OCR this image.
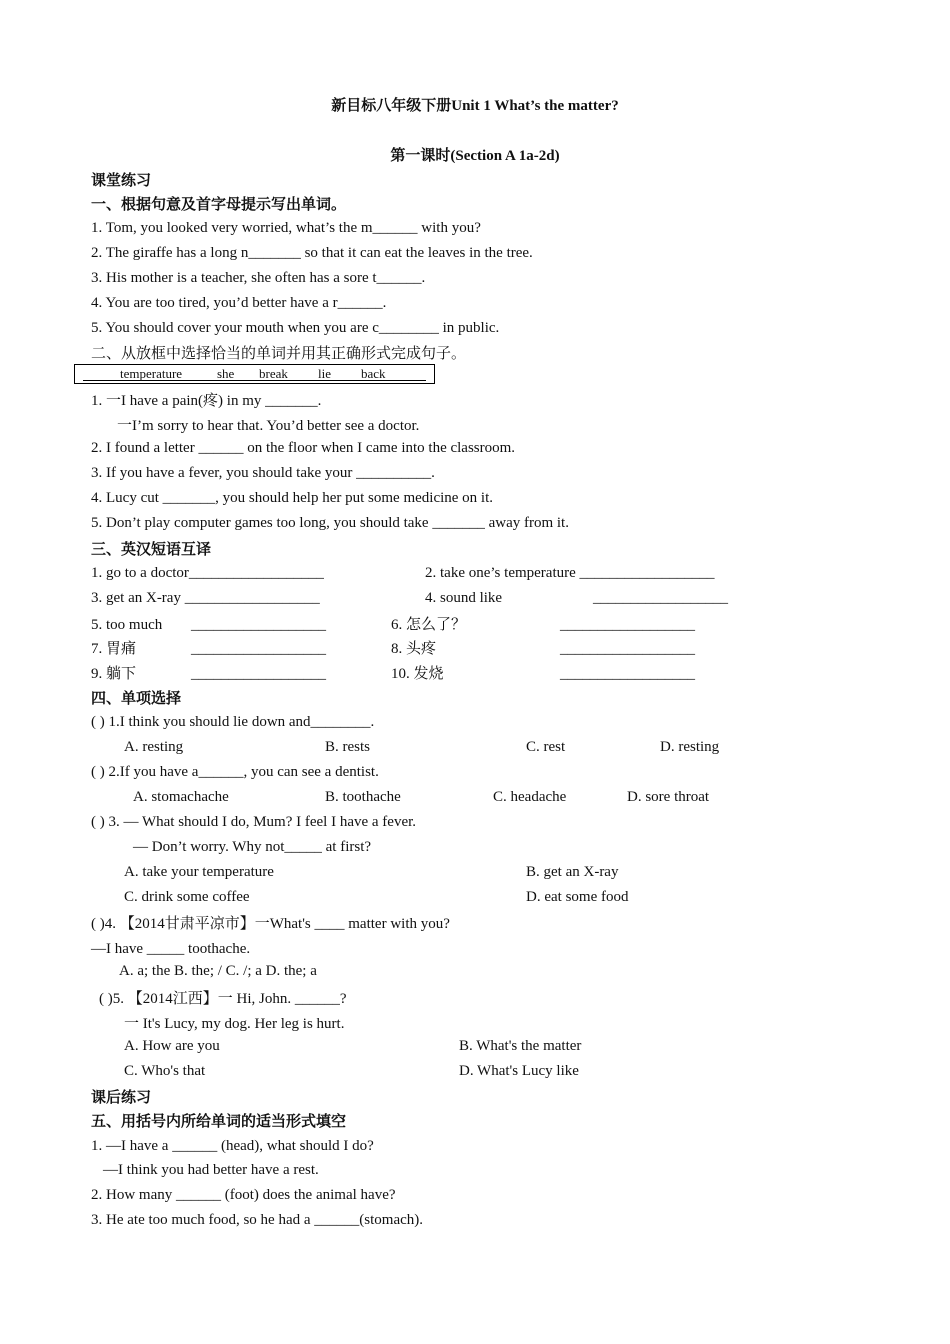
新目标八年级下册Unit 1 What’s the matter?
第一课时(Section A 1a-2d)
课堂练习
一、根据句意及首字母提示写出单词。
1. Tom, you looked very worried, what’s the m______ with you?
2. The giraffe has a long n_______ so that it can eat the leaves in the tree.
3. His mother is a teacher, she often has a sore t______.
4. You are too tired, you’d better have a r______.
5. You should cover your mouth when you are c________ in public.
二、从放框中选择恰当的单词并用其正确形式完成句子。
temperature	she break lie back
1. 一I have a pain(疼) in my _______.
一I’m sorry to hear that. You’d better see a doctor.
2. I found a letter ______ on the floor when I came into the classroom.
3. If you have a fever, you should take your __________.
4. Lucy cut _______, you should help her put some medicine on it.
5. Don’t play computer games too long, you should take _______ away from it.
三、英汉短语互译
1. go to a doctor__________________	2. take one’s temperature __________________
3. get an X-ray __________________	4. sound like	__________________
5. too much __________________	6. 怎么了？	__________________
7. 胃痛	__________________	8. 头疼	__________________
9. 躺下	__________________	10. 发烧	__________________
四、单项选择
( ) 1.I think you should lie down and________.
A. resting	B. rests	C. rest	D. resting
( ) 2.If you have a______, you can see a dentist.
A. stomachache	B. toothache	C. headache	D. sore throat
( ) 3. — What should I do, Mum? I feel I have a fever.
— Don’t worry. Why not_____ at first?
A. take your temperature	B. get an X-ray
C. drink some coffee	D. eat some food
( )4. 【2014甘肃平凉市】一What's ____ matter with you?
—I have _____ toothache.
A. a; the B. the; / C. /; a D. the; a
( )5. 【2014江西】一 Hi, John. ______?
一 It's Lucy, my dog. Her leg is hurt.
A. How are you	B. What's the matter
C. Who's that	D. What's Lucy like
课后练习
五、用括号内所给单词的适当形式填空
1. —I have a ______ (head), what should I do?
—I think you had better have a rest.
2. How many ______ (foot) does the animal have?
3. He ate too much food, so he had a ______(stomach).
